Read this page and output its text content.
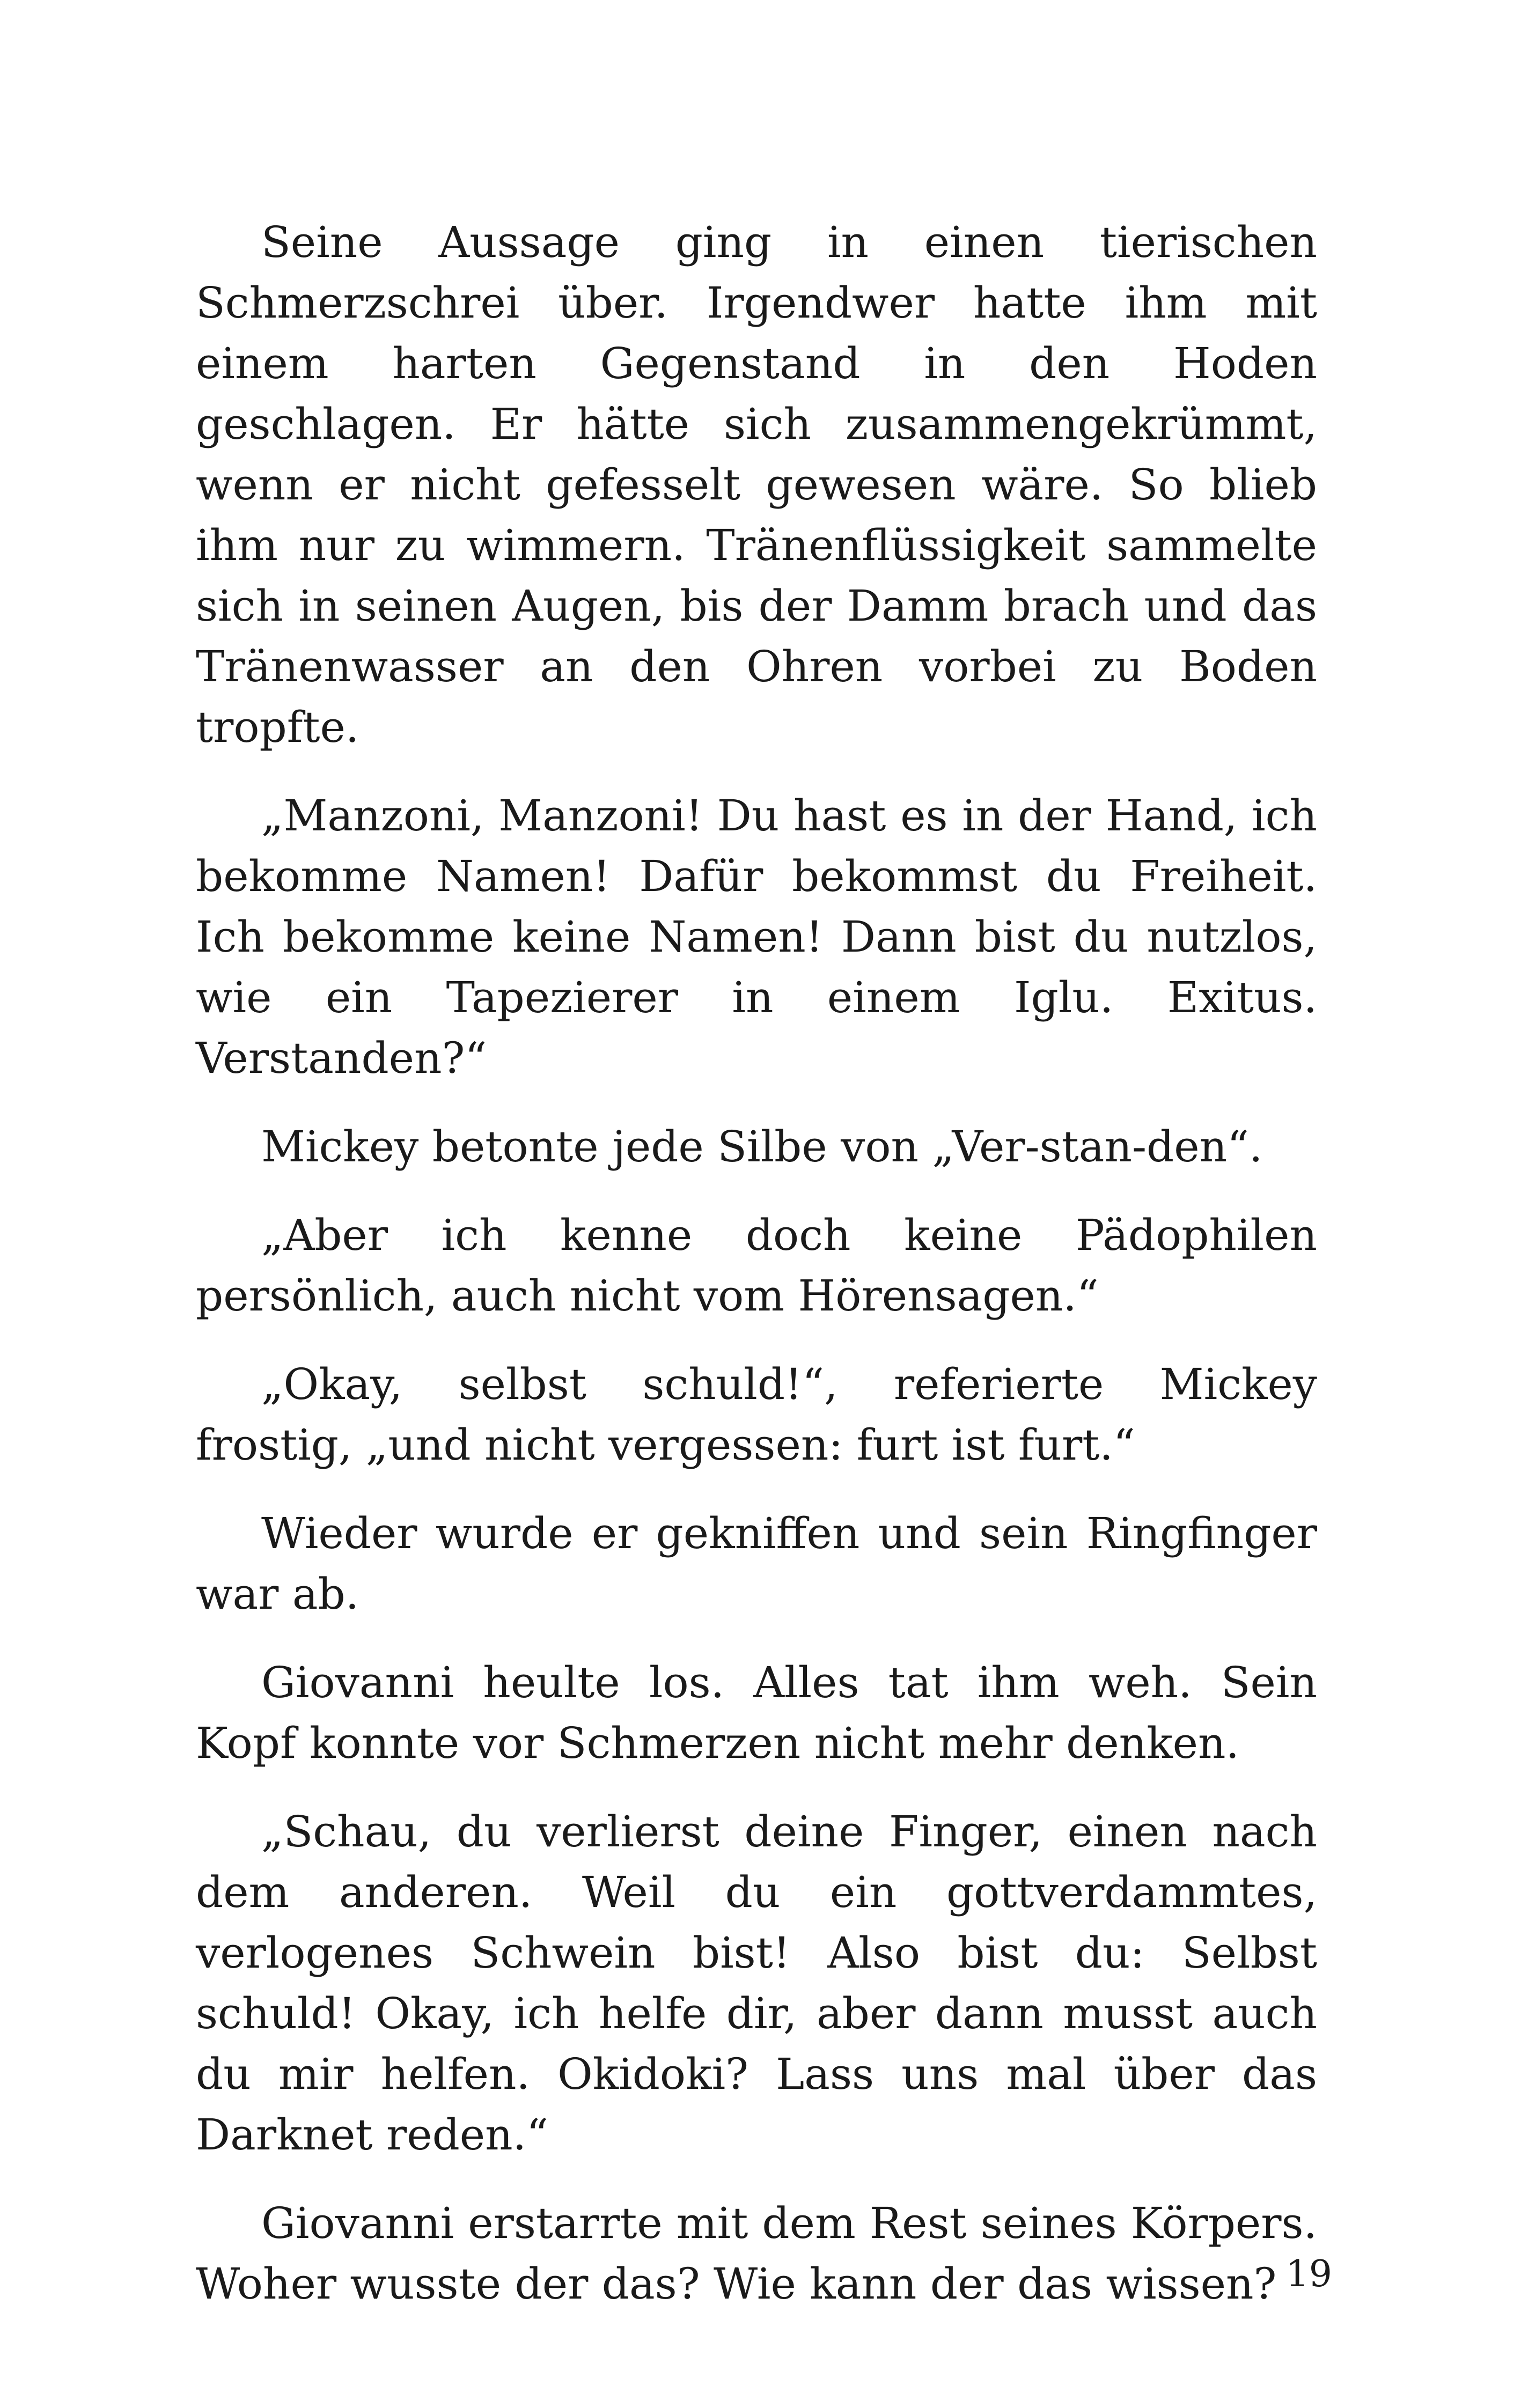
Seine Aussage ging in einen tierischen Schmerzschrei über. Irgendwer hatte ihm mit einem harten Gegenstand in den Hoden geschlagen. Er hätte sich zusammengekrümmt, wenn er nicht gefesselt gewesen wäre. So blieb ihm nur zu wimmern. Tränenflüssigkeit sammelte sich in seinen Augen, bis der Damm brach und das Tränenwasser an den Ohren vorbei zu Boden tropfte.

„Manzoni, Manzoni! Du hast es in der Hand, ich bekomme Namen! Dafür bekommst du Freiheit. Ich bekomme keine Namen! Dann bist du nutzlos, wie ein Tapezierer in einem Iglu. Exitus. Verstanden?“

Mickey betonte jede Silbe von „Ver-stan-den“.

„Aber ich kenne doch keine Pädophilen persönlich, auch nicht vom Hörensagen.“

„Okay, selbst schuld!“, referierte Mickey frostig, „und nicht vergessen: furt ist furt.“

Wieder wurde er gekniffen und sein Ringfinger war ab.

Giovanni heulte los. Alles tat ihm weh. Sein Kopf konnte vor Schmerzen nicht mehr denken.

„Schau, du verlierst deine Finger, einen nach dem anderen. Weil du ein gottverdammtes, verlogenes Schwein bist! Also bist du: Selbst schuld! Okay, ich helfe dir, aber dann musst auch du mir helfen. Okidoki? Lass uns mal über das Darknet reden.“

Giovanni erstarrte mit dem Rest seines Körpers. Woher wusste der das? Wie kann der das wissen? 19
